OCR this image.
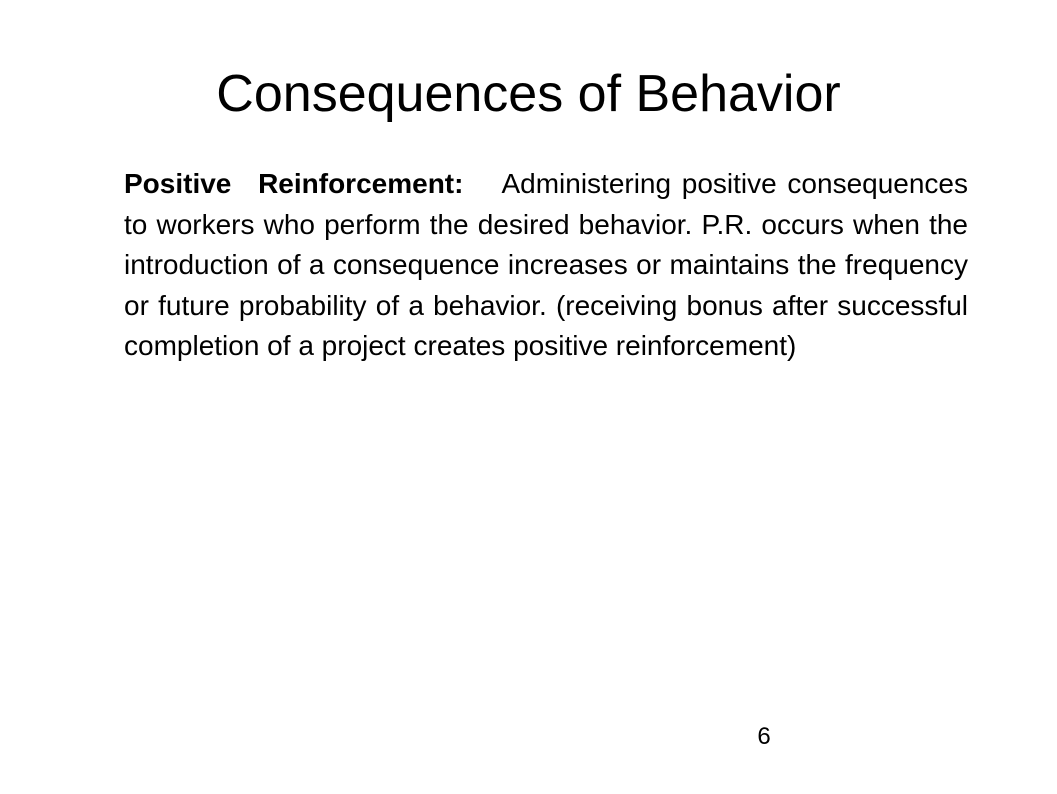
Consequences of Behavior

Positive Reinforcement: Administering positive consequences to workers who perform the desired behavior. P.R. occurs when the introduction of a consequence increases or maintains the frequency or future probability of a behavior. (receiving bonus after successful completion of a project creates positive reinforcement)

6
